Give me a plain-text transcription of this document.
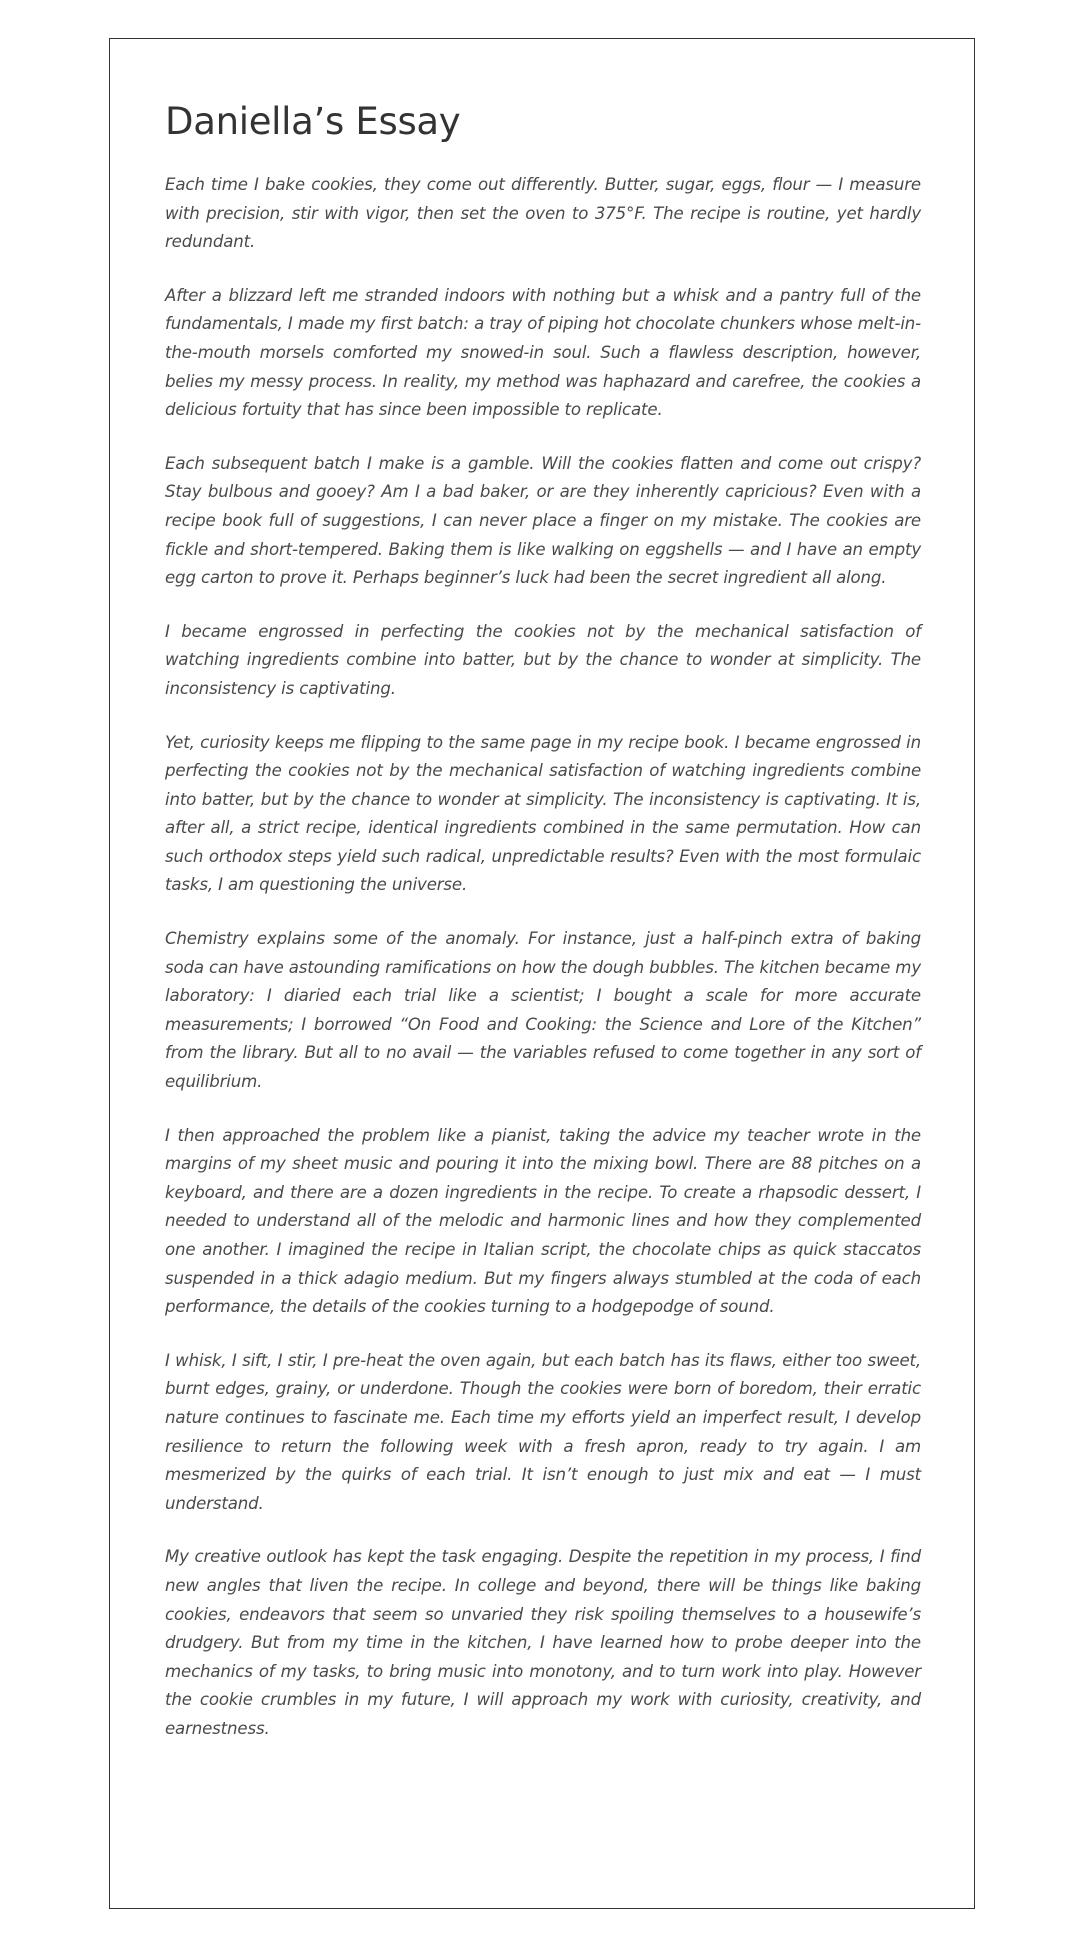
Daniella’s Essay

Each time I bake cookies, they come out differently. Butter, sugar, eggs, flour — I measure with precision, stir with vigor, then set the oven to 375°F. The recipe is routine, yet hardly redundant.

After a blizzard left me stranded indoors with nothing but a whisk and a pantry full of the fundamentals, I made my first batch: a tray of piping hot chocolate chunkers whose melt-in-the-mouth morsels comforted my snowed-in soul. Such a flawless description, however, belies my messy process. In reality, my method was haphazard and carefree, the cookies a delicious fortuity that has since been impossible to replicate.

Each subsequent batch I make is a gamble. Will the cookies flatten and come out crispy? Stay bulbous and gooey? Am I a bad baker, or are they inherently capricious? Even with a recipe book full of suggestions, I can never place a finger on my mistake. The cookies are fickle and short-tempered. Baking them is like walking on eggshells — and I have an empty egg carton to prove it. Perhaps beginner’s luck had been the secret ingredient all along.

I became engrossed in perfecting the cookies not by the mechanical satisfaction of watching ingredients combine into batter, but by the chance to wonder at simplicity. The inconsistency is captivating.

Yet, curiosity keeps me flipping to the same page in my recipe book. I became engrossed in perfecting the cookies not by the mechanical satisfaction of watching ingredients combine into batter, but by the chance to wonder at simplicity. The inconsistency is captivating. It is, after all, a strict recipe, identical ingredients combined in the same permutation. How can such orthodox steps yield such radical, unpredictable results? Even with the most formulaic tasks, I am questioning the universe.

Chemistry explains some of the anomaly. For instance, just a half-pinch extra of baking soda can have astounding ramifications on how the dough bubbles. The kitchen became my laboratory: I diaried each trial like a scientist; I bought a scale for more accurate measurements; I borrowed “On Food and Cooking: the Science and Lore of the Kitchen” from the library. But all to no avail — the variables refused to come together in any sort of equilibrium.

I then approached the problem like a pianist, taking the advice my teacher wrote in the margins of my sheet music and pouring it into the mixing bowl. There are 88 pitches on a keyboard, and there are a dozen ingredients in the recipe. To create a rhapsodic dessert, I needed to understand all of the melodic and harmonic lines and how they complemented one another. I imagined the recipe in Italian script, the chocolate chips as quick staccatos suspended in a thick adagio medium. But my fingers always stumbled at the coda of each performance, the details of the cookies turning to a hodgepodge of sound.

I whisk, I sift, I stir, I pre-heat the oven again, but each batch has its flaws, either too sweet, burnt edges, grainy, or underdone. Though the cookies were born of boredom, their erratic nature continues to fascinate me. Each time my efforts yield an imperfect result, I develop resilience to return the following week with a fresh apron, ready to try again. I am mesmerized by the quirks of each trial. It isn’t enough to just mix and eat — I must understand.

My creative outlook has kept the task engaging. Despite the repetition in my process, I find new angles that liven the recipe. In college and beyond, there will be things like baking cookies, endeavors that seem so unvaried they risk spoiling themselves to a housewife’s drudgery. But from my time in the kitchen, I have learned how to probe deeper into the mechanics of my tasks, to bring music into monotony, and to turn work into play. However the cookie crumbles in my future, I will approach my work with curiosity, creativity, and earnestness.
